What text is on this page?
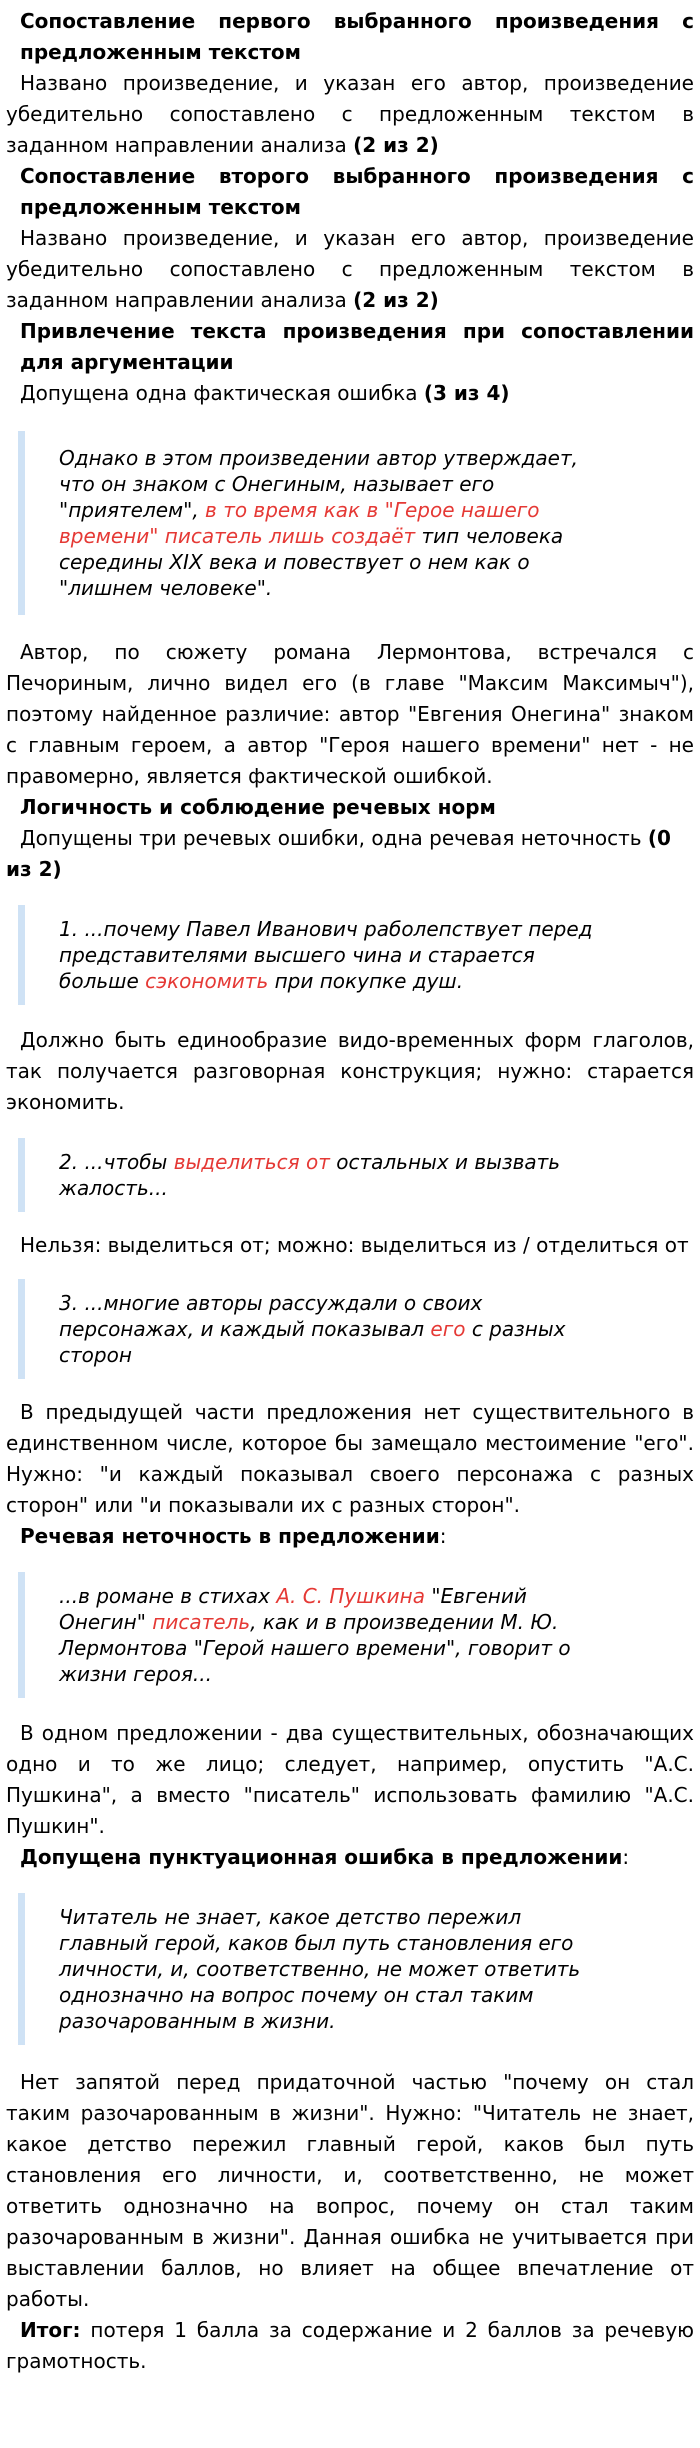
Сопоставление первого выбранного произведения с предложенным текстом

Названо произведение, и указан его автор, произведение убедительно сопоставлено с предложенным текстом в заданном направлении анализа (2 из 2)

Сопоставление второго выбранного произведения с предложенным текстом

Названо произведение, и указан его автор, произведение убедительно сопоставлено с предложенным текстом в заданном направлении анализа (2 из 2)

Привлечение текста произведения при сопоставлении для аргументации

Допущена одна фактическая ошибка (3 из 4)

Однако в этом произведении автор утверждает, что он знаком с Онегиным, называет его "приятелем", в то время как в "Герое нашего времени" писатель лишь создаёт тип человека середины XIX века и повествует о нем как о "лишнем человеке".

Автор, по сюжету романа Лермонтова, встречался с Печориным, лично видел его (в главе "Максим Максимыч"), поэтому найденное различие: автор "Евгения Онегина" знаком с главным героем, а автор "Героя нашего времени" нет - не правомерно, является фактической ошибкой.

Логичность и соблюдение речевых норм

Допущены три речевых ошибки, одна речевая неточность (0 из 2)

1. ...почему Павел Иванович раболепствует перед представителями высшего чина и старается больше сэкономить при покупке душ.

Должно быть единообразие видо-временных форм глаголов, так получается разговорная конструкция; нужно: старается экономить.

2. ...чтобы выделиться от остальных и вызвать жалость...

Нельзя: выделиться от; можно: выделиться из / отделиться от

3. ...многие авторы рассуждали о своих персонажах, и каждый показывал его с разных сторон

В предыдущей части предложения нет существительного в единственном числе, которое бы замещало местоимение "его". Нужно: "и каждый показывал своего персонажа с разных сторон" или "и показывали их с разных сторон".

Речевая неточность в предложении:
...в романе в стихах А. С. Пушкина "Евгений Онегин" писатель, как и в произведении М. Ю. Лермонтова "Герой нашего времени", говорит о жизни героя...

В одном предложении - два существительных, обозначающих одно и то же лицо; следует, например, опустить "А.С. Пушкина", а вместо "писатель" использовать фамилию "А.С. Пушкин".

Допущена пунктуационная ошибка в предложении:
Читатель не знает, какое детство пережил главный герой, каков был путь становления его личности, и, соответственно, не может ответить однозначно на вопрос почему он стал таким разочарованным в жизни.

Нет запятой перед придаточной частью "почему он стал таким разочарованным в жизни". Нужно: "Читатель не знает, какое детство пережил главный герой, каков был путь становления его личности, и, соответственно, не может ответить однозначно на вопрос, почему он стал таким разочарованным в жизни". Данная ошибка не учитывается при выставлении баллов, но влияет на общее впечатление от работы.

Итог: потеря 1 балла за содержание и 2 баллов за речевую грамотность.
